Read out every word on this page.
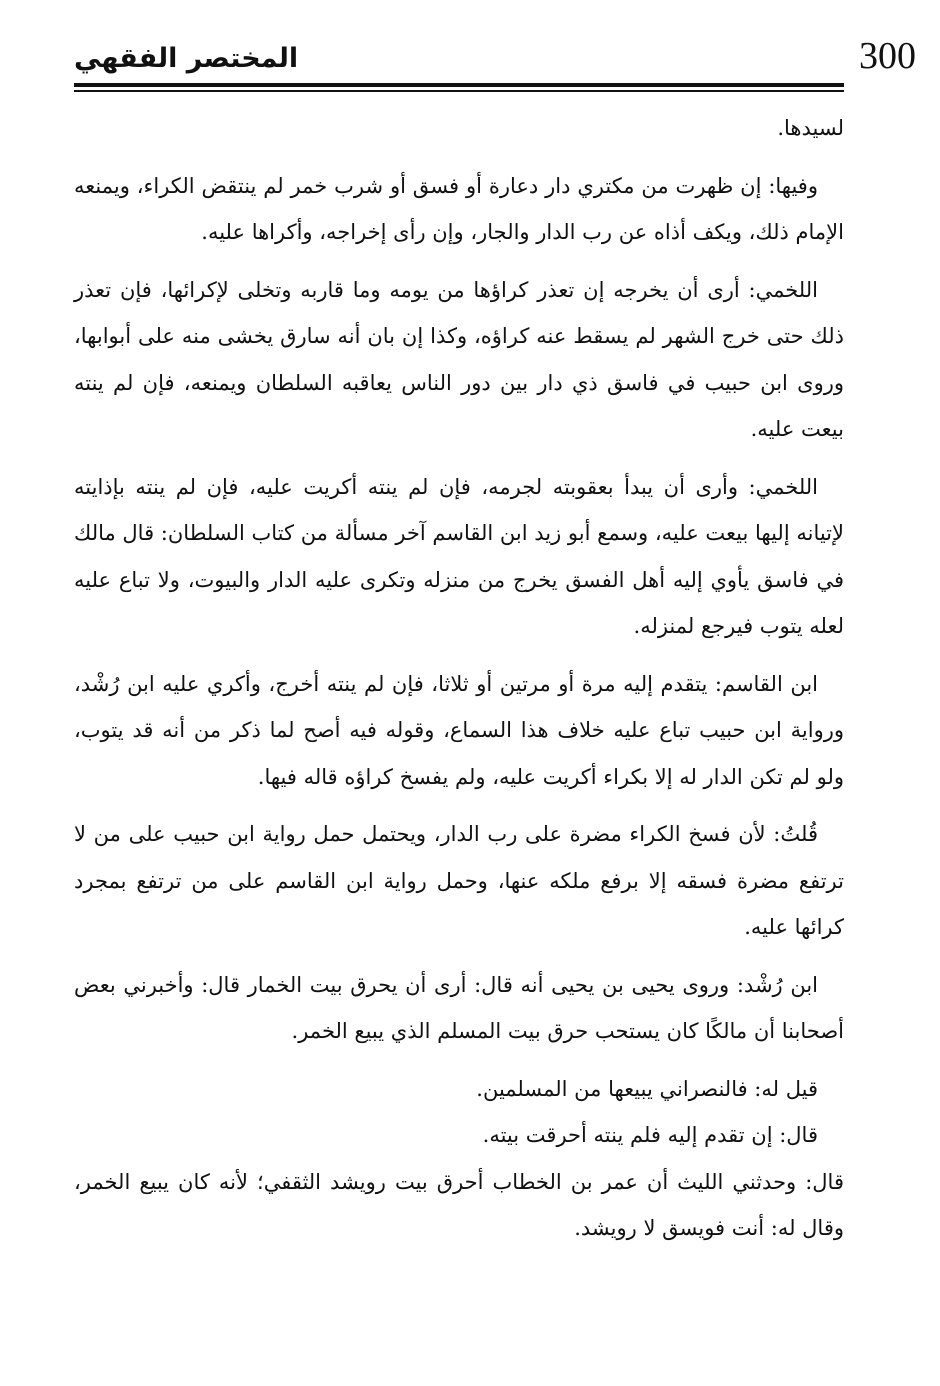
300
المختصر الفقهي

لسيدها.

وفيها: إن ظهرت من مكتري دار دعارة أو فسق أو شرب خمر لم ينتقض الكراء، ويمنعه الإمام ذلك، ويكف أذاه عن رب الدار والجار، وإن رأى إخراجه، وأكراها عليه.

اللخمي: أرى أن يخرجه إن تعذر كراؤها من يومه وما قاربه وتخلى لإكرائها، فإن تعذر ذلك حتى خرج الشهر لم يسقط عنه كراؤه، وكذا إن بان أنه سارق يخشى منه على أبوابها، وروى ابن حبيب في فاسق ذي دار بين دور الناس يعاقبه السلطان ويمنعه، فإن لم ينته بيعت عليه.

اللخمي: وأرى أن يبدأ بعقوبته لجرمه، فإن لم ينته أكريت عليه، فإن لم ينته بإذايته لإتيانه إليها بيعت عليه، وسمع أبو زيد ابن القاسم آخر مسألة من كتاب السلطان: قال مالك في فاسق يأوي إليه أهل الفسق يخرج من منزله وتكرى عليه الدار والبيوت، ولا تباع عليه لعله يتوب فيرجع لمنزله.

ابن القاسم: يتقدم إليه مرة أو مرتين أو ثلاثا، فإن لم ينته أخرج، وأكري عليه ابن رُشْد، ورواية ابن حبيب تباع عليه خلاف هذا السماع، وقوله فيه أصح لما ذكر من أنه قد يتوب، ولو لم تكن الدار له إلا بكراء أكريت عليه، ولم يفسخ كراؤه قاله فيها.

قُلتُ: لأن فسخ الكراء مضرة على رب الدار، ويحتمل حمل رواية ابن حبيب على من لا ترتفع مضرة فسقه إلا برفع ملكه عنها، وحمل رواية ابن القاسم على من ترتفع بمجرد كرائها عليه.

ابن رُشْد: وروى يحيى بن يحيى أنه قال: أرى أن يحرق بيت الخمار قال: وأخبرني بعض أصحابنا أن مالكًا كان يستحب حرق بيت المسلم الذي يبيع الخمر.

قيل له: فالنصراني يبيعها من المسلمين.

قال: إن تقدم إليه فلم ينته أحرقت بيته.

قال: وحدثني الليث أن عمر بن الخطاب أحرق بيت رويشد الثقفي؛ لأنه كان يبيع الخمر، وقال له: أنت فويسق لا رويشد.
